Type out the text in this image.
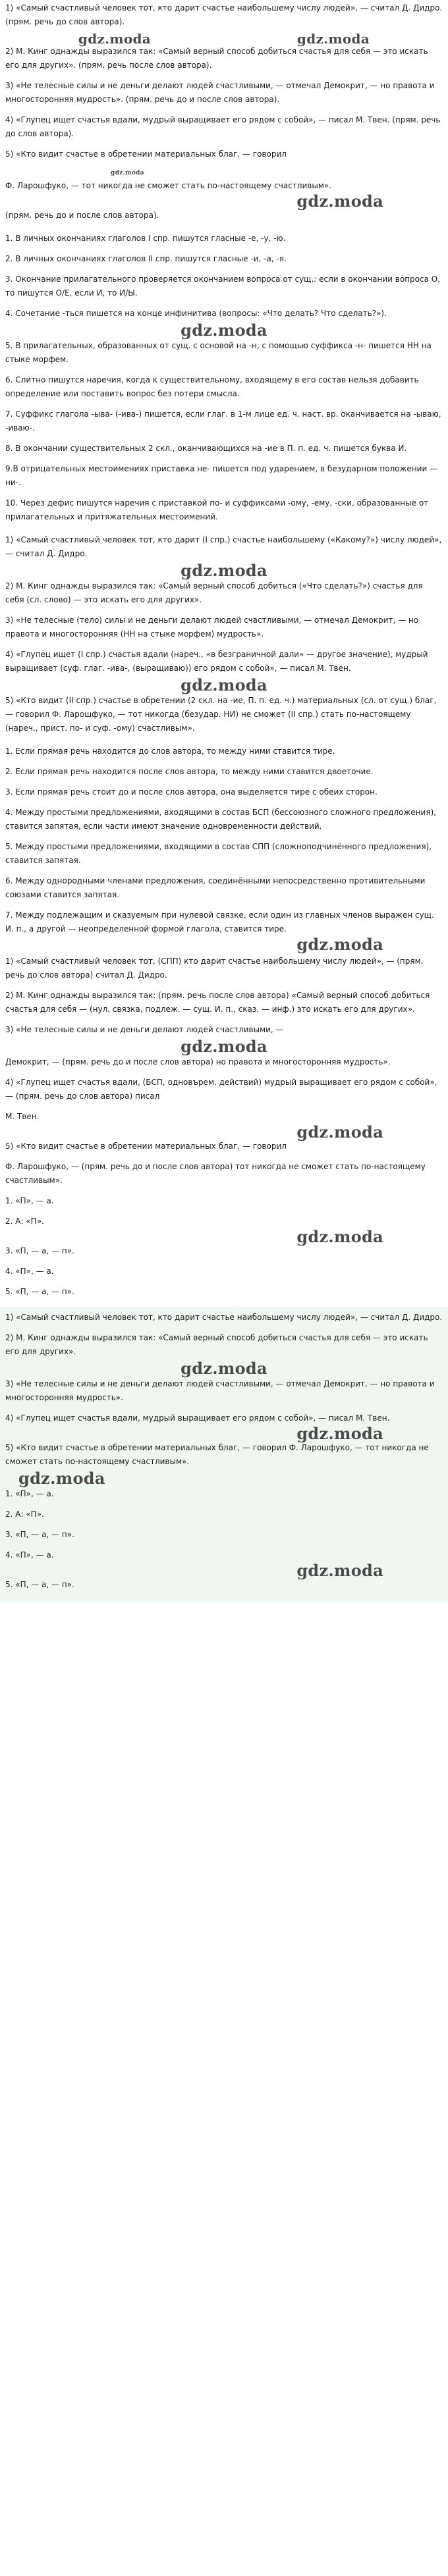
1) «Самый счастливый человек тот, кто дарит счастье наибольшему числу людей», — считал Д. Дидро. (прям. речь до слов автора).
gdz.moda	gdz.moda
2) М. Кинг однажды выразился так: «Самый верный способ добиться счастья для себя — это искать его для других». (прям. речь после слов автора).
3) «Не телесные силы и не деньги делают людей счастливыми, — отмечал Демокрит, — но правота и многосторонняя мудрость». (прям. речь до и после слов автора).
4) «Глупец ищет счастья вдали, мудрый выращивает его рядом с собой», — писал М. Твен. (прям. речь до слов автора).
5) «Кто видит счастье в обретении материальных благ, — говорил
gdz.moda
Ф. Ларошфуко, — тот никогда не сможет стать по-настоящему счастливым».
gdz.moda
(прям. речь до и после слов автора).
1. В личных окончаниях глаголов I спр. пишутся гласные -е, -у, -ю.
2. В личных окончаниях глаголов II спр. пишутся гласные -и, -а, -я.
3. Окончание прилагательного проверяется окончанием вопроса от сущ.: если в окончании вопроса О, то пишутся О/Е, если И, то И/Ы.
4. Сочетание -ться пишется на конце инфинитива (вопросы: «Что делать? Что сделать?»).
gdz.moda
5. В прилагательных, образованных от сущ. с основой на -н, с помощью суффикса -н- пишется НН на стыке морфем.
6. Слитно пишутся наречия, когда к существительному, входящему в его состав нельзя добавить определение или поставить вопрос без потери смысла.
7. Суффикс глагола -ыва- (-ива-) пишется, если глаг. в 1-м лице ед. ч. наст. вр. оканчивается на -ываю, -иваю-.
8. В окончании существительных 2 скл., оканчивающихся на -ие в П. п. ед. ч. пишется буква И.
9.В отрицательных местоимениях приставка не- пишется под ударением, в безударном положении — ни-.
10. Через дефис пишутся наречия с приставкой по- и суффиксами -ому, -ему, -ски, образованные от прилагательных и притяжательных местоимений.
1) «Самый счастливый человек тот, кто дарит (I спр.) счастье наибольшему («Какому?») числу людей», — считал Д. Дидро.
gdz.moda
2) М. Кинг однажды выразился так: «Самый верный способ добиться («Что сделать?») счастья для себя (сл. слово) — это искать его для других».
3) «Не телесные (тело) силы и не деньги делают людей счастливыми, — отмечал Демокрит, — но правота и многосторонняя (НН на стыке морфем) мудрость».
4) «Глупец ищет (I спр.) счастья вдали (нареч., «в безграничной дали» — другое значение), мудрый выращивает (суф. глаг. -ива-, (выращиваю)) его рядом с собой», — писал М. Твен.
gdz.moda
5) «Кто видит (II спр.) счастье в обретении (2 скл. на -ие, П. п. ед. ч.) материальных (сл. от сущ.) благ, — говорил Ф. Ларошфуко, — тот никогда (безудар. НИ) не сможет (II спр.) стать по-настоящему (нареч., прист. по- и суф. -ому) счастливым».
1. Если прямая речь находится до слов автора, то между ними ставится тире.
2. Если прямая речь находится после слов автора, то между ними ставится двоеточие.
3. Если прямая речь стоит до и после слов автора, она выделяется тире с обеих сторон.
4. Между простыми предложениями, входящими в состав БСП (бессоюзного сложного предложения), ставится запятая, если части имеют значение одновременности действий.
5. Между простыми предложениями, входящими в состав СПП (сложноподчинённого предложения), ставится запятая.
6. Между однородными членами предложения, соединёнными непосредственно противительными союзами ставится запятая.
7. Между подлежащим и сказуемым при нулевой связке, если один из главных членов выражен сущ. И. п., а другой — неопределенной формой глагола, ставится тире.
gdz.moda
1) «Самый счастливый человек тот, (СПП) кто дарит счастье наибольшему числу людей», — (прям. речь до слов автора) считал Д. Дидро.
2) М. Кинг однажды выразился так: (прям. речь после слов автора) «Самый верный способ добиться счастья для себя — (нул. связка, подлеж. — сущ. И. п., сказ. — инф.) это искать его для других».
3) «Не телесные силы и не деньги делают людей счастливыми, —
gdz.moda
Демокрит, — (прям. речь до и после слов автора) но правота и многосторонняя мудрость».
4) «Глупец ищет счастья вдали, (БСП, одновърем. действий) мудрый выращивает его рядом с собой», — (прям. речь до слов автора) писал
М. Твен.
gdz.moda
5) «Кто видит счастье в обретении материальных благ, — говорил
Ф. Ларошфуко, — (прям. речь до и после слов автора) тот никогда не сможет стать по-настоящему счастливым».
1. «П», — а.
2. А: «П».
gdz.moda
3. «П, — а, — п».
4. «П», — а.
5. «П, — а, — п».
1) «Самый счастливый человек тот, кто дарит счастье наибольшему числу людей», — считал Д. Дидро.
2) М. Кинг однажды выразился так: «Самый верный способ добиться счастья для себя — это искать его для других».
gdz.moda
3) «Не телесные силы и не деньги делают людей счастливыми, — отмечал Демокрит, — но правота и многосторонняя мудрость».
4) «Глупец ищет счастья вдали, мудрый выращивает его рядом с собой», — писал М. Твен.
gdz.moda
5) «Кто видит счастье в обретении материальных благ, — говорил Ф. Ларошфуко, — тот никогда не сможет стать по-настоящему счастливым».
gdz.moda
1. «П», — а.
2. А: «П».
3. «П, — а, — п».
4. «П», — а.
gdz.moda
5. «П, — а, — п».
